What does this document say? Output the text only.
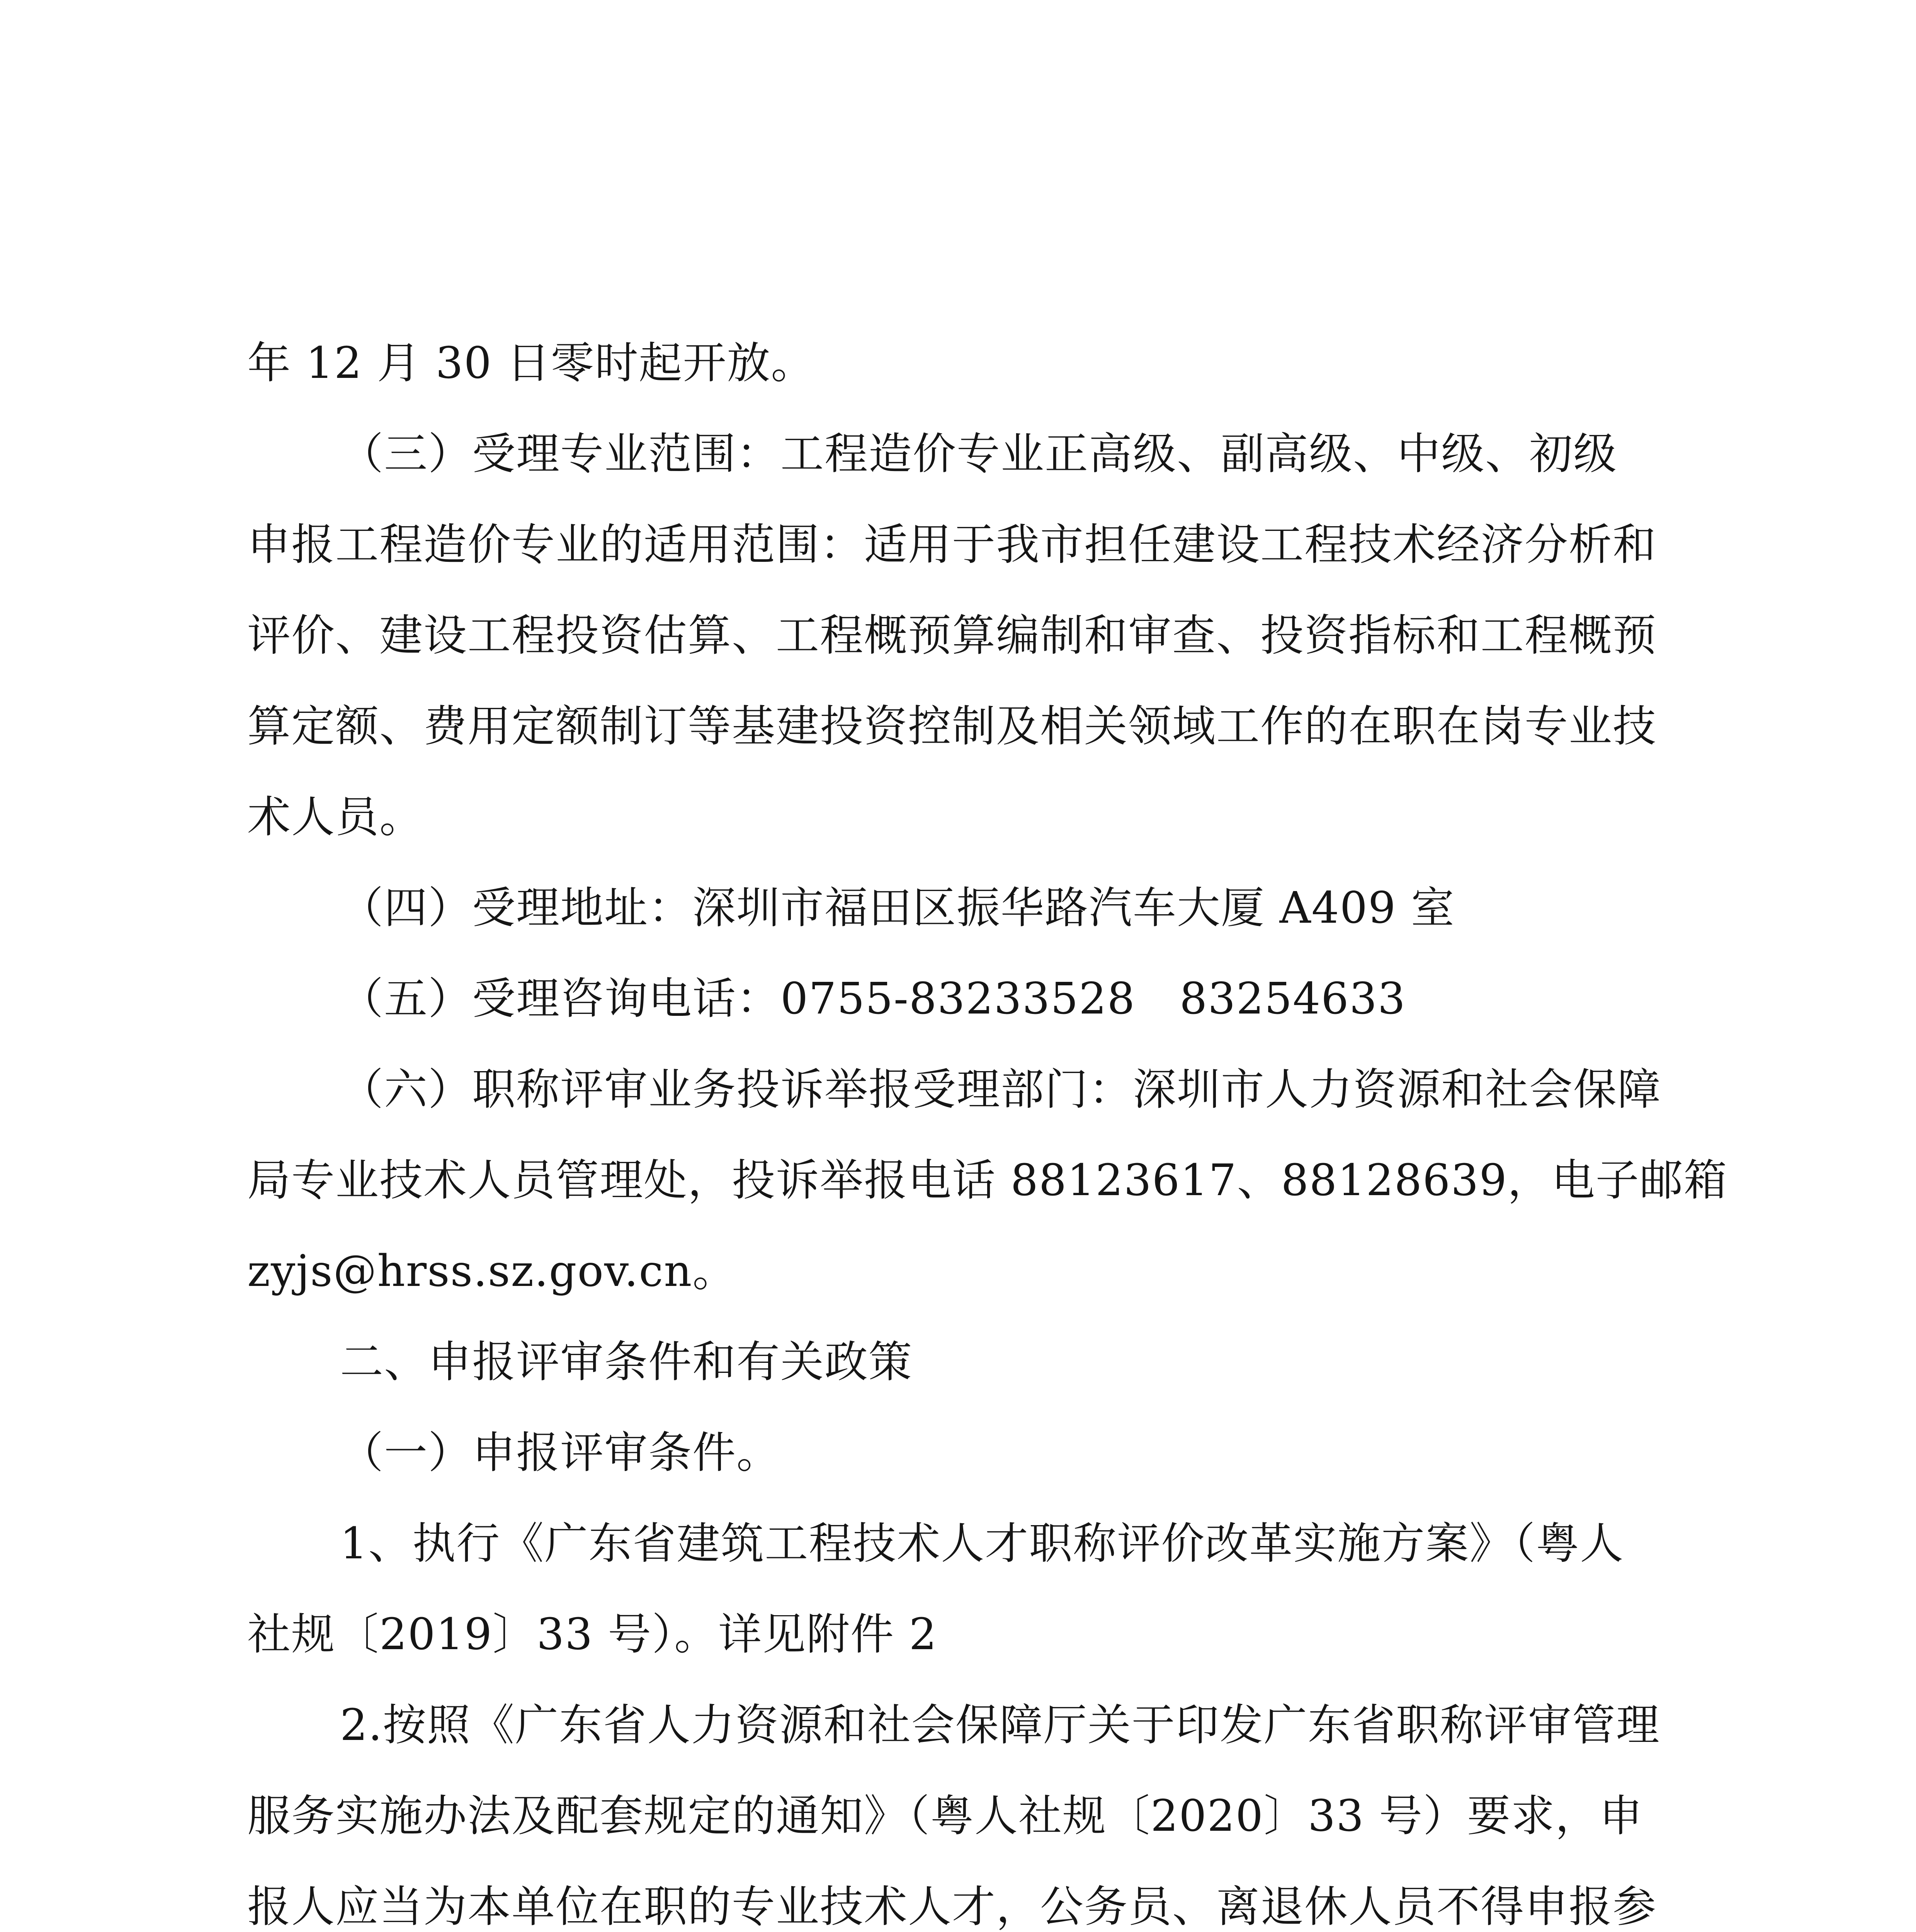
年 12 月 30 日零时起开放。

（三）受理专业范围：工程造价专业正高级、副高级、中级、初级

申报工程造价专业的适用范围：适用于我市担任建设工程技术经济分析和

评价、建设工程投资估算、工程概预算编制和审查、投资指标和工程概预

算定额、费用定额制订等基建投资控制及相关领域工作的在职在岗专业技

术人员。

（四）受理地址：深圳市福田区振华路汽车大厦 A409 室

（五）受理咨询电话：0755-83233528　83254633

（六）职称评审业务投诉举报受理部门：深圳市人力资源和社会保障

局专业技术人员管理处，投诉举报电话 88123617、88128639，电子邮箱

zyjs@hrss.sz.gov.cn。

二、申报评审条件和有关政策

（一）申报评审条件。

1、执行《广东省建筑工程技术人才职称评价改革实施方案》（粤人

社规〔2019〕33 号）。详见附件 2

2.按照《广东省人力资源和社会保障厅关于印发广东省职称评审管理

服务实施办法及配套规定的通知》（粤人社规〔2020〕33 号）要求，申

报人应当为本单位在职的专业技术人才，公务员、离退休人员不得申报参
